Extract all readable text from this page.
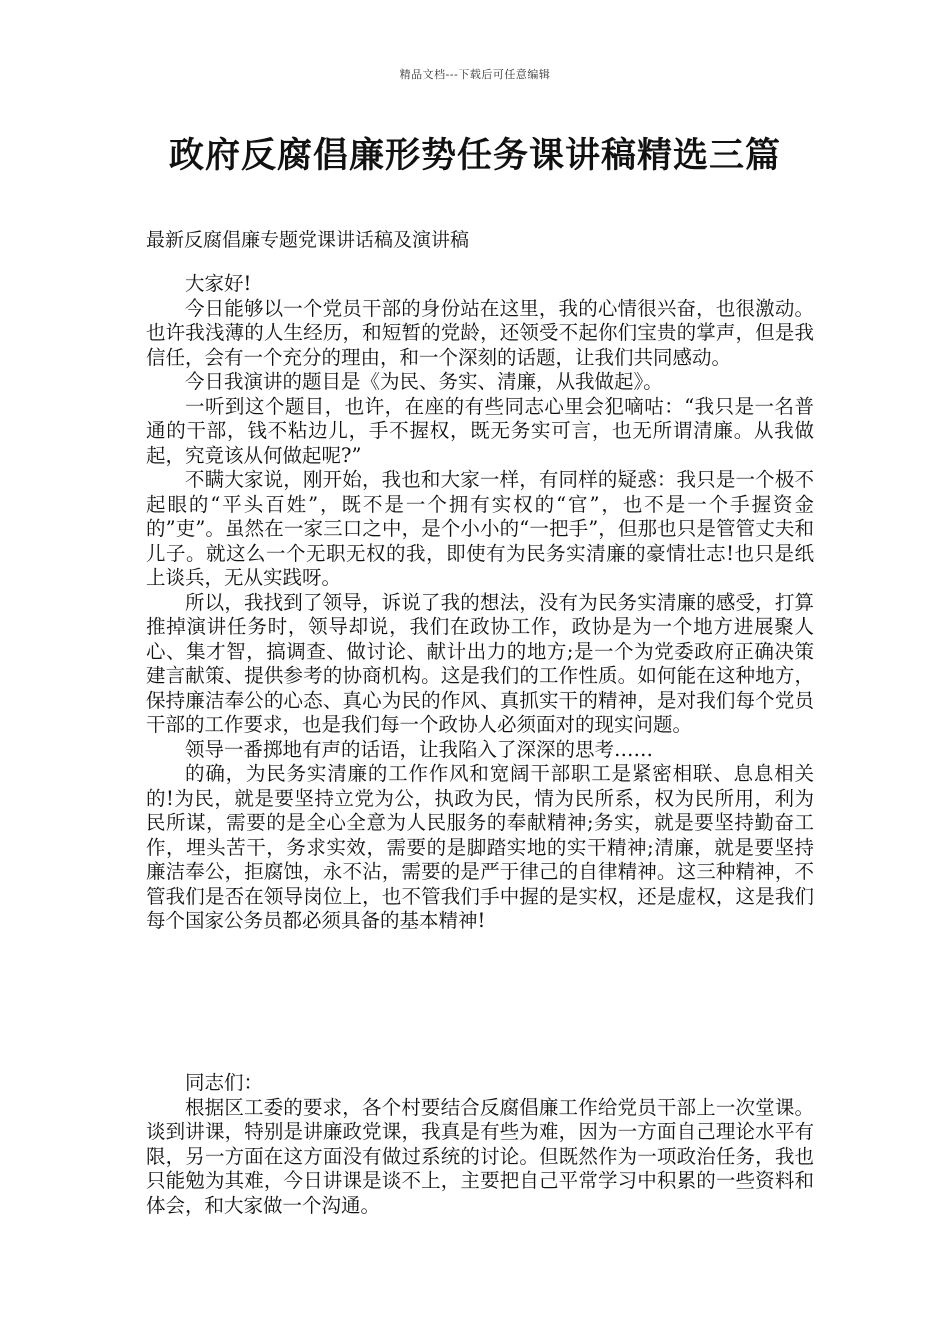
精品文档---下载后可任意编辑
政府反腐倡廉形势任务课讲稿精选三篇

最新反腐倡廉专题党课讲话稿及演讲稿

大家好!

今日能够以一个党员干部的身份站在这里，我的心情很兴奋，也很激动。也许我浅薄的人生经历，和短暂的党龄，还领受不起你们宝贵的掌声，但是我信任，会有一个充分的理由，和一个深刻的话题，让我们共同感动。

今日我演讲的题目是《为民、务实、清廉，从我做起》。

一听到这个题目，也许，在座的有些同志心里会犯嘀咕：“我只是一名普通的干部，钱不粘边儿，手不握权，既无务实可言，也无所谓清廉。从我做起，究竟该从何做起呢?”

不瞒大家说，刚开始，我也和大家一样，有同样的疑惑：我只是一个极不起眼的“平头百姓”，既不是一个拥有实权的“官”，也不是一个手握资金的”吏”。虽然在一家三口之中，是个小小的“一把手”，但那也只是管管丈夫和儿子。就这么一个无职无权的我，即使有为民务实清廉的豪情壮志!也只是纸上谈兵，无从实践呀。

所以，我找到了领导，诉说了我的想法，没有为民务实清廉的感受，打算推掉演讲任务时，领导却说，我们在政协工作，政协是为一个地方进展聚人心、集才智，搞调查、做讨论、献计出力的地方;是一个为党委政府正确决策建言献策、提供参考的协商机构。这是我们的工作性质。如何能在这种地方，保持廉洁奉公的心态、真心为民的作风、真抓实干的精神，是对我们每个党员干部的工作要求，也是我们每一个政协人必须面对的现实问题。

领导一番掷地有声的话语，让我陷入了深深的思考……

的确，为民务实清廉的工作作风和宽阔干部职工是紧密相联、息息相关的!为民，就是要坚持立党为公，执政为民，情为民所系，权为民所用，利为民所谋，需要的是全心全意为人民服务的奉献精神;务实，就是要坚持勤奋工作，埋头苦干，务求实效，需要的是脚踏实地的实干精神;清廉，就是要坚持廉洁奉公，拒腐蚀，永不沾，需要的是严于律己的自律精神。这三种精神，不管我们是否在领导岗位上，也不管我们手中握的是实权，还是虚权，这是我们每个国家公务员都必须具备的基本精神!

同志们：

根据区工委的要求，各个村要结合反腐倡廉工作给党员干部上一次堂课。谈到讲课，特别是讲廉政党课，我真是有些为难，因为一方面自己理论水平有限，另一方面在这方面没有做过系统的讨论。但既然作为一项政治任务，我也只能勉为其难，今日讲课是谈不上，主要把自己平常学习中积累的一些资料和体会，和大家做一个沟通。
